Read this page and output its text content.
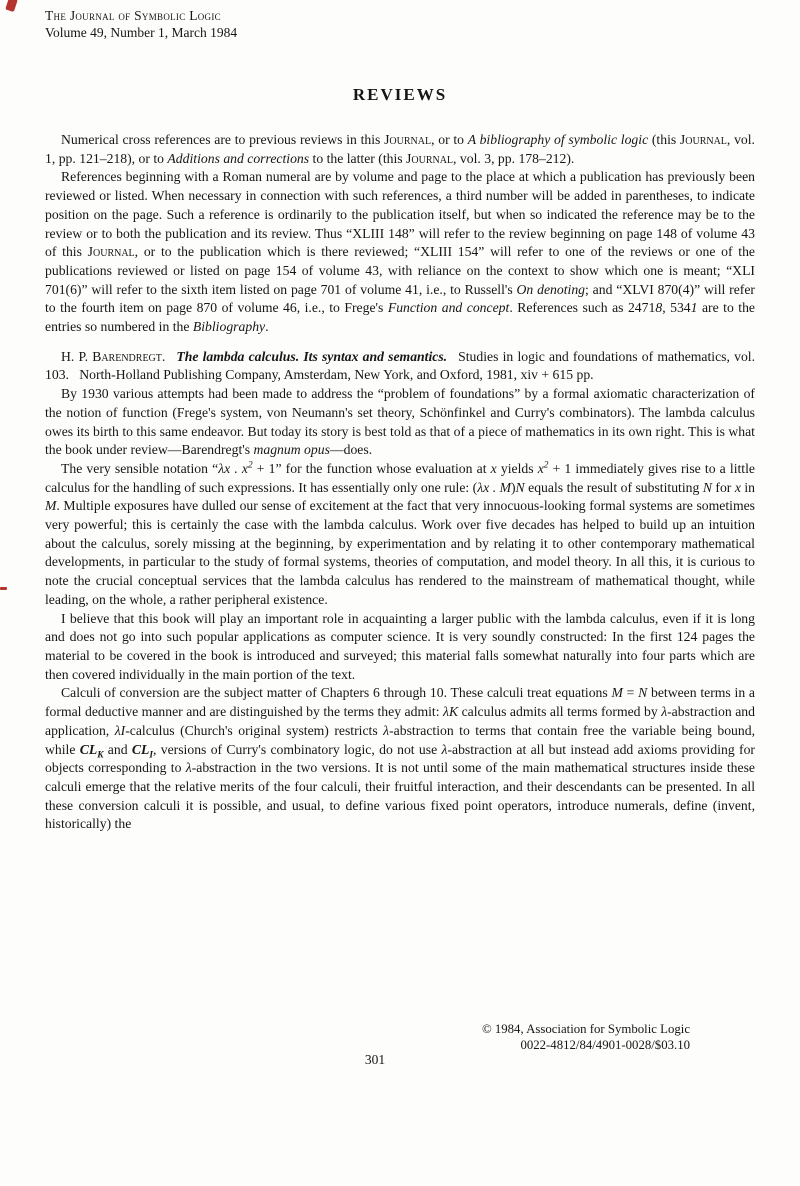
The Journal of Symbolic Logic
Volume 49, Number 1, March 1984
REVIEWS

Numerical cross references are to previous reviews in this Journal, or to A bibliography of symbolic logic (this Journal, vol. 1, pp. 121–218), or to Additions and corrections to the latter (this Journal, vol. 3, pp. 178–212).

References beginning with a Roman numeral are by volume and page to the place at which a publication has previously been reviewed or listed. When necessary in connection with such references, a third number will be added in parentheses, to indicate position on the page. Such a reference is ordinarily to the publication itself, but when so indicated the reference may be to the review or to both the publication and its review. Thus “XLIII 148” will refer to the review beginning on page 148 of volume 43 of this Journal, or to the publication which is there reviewed; “XLIII 154” will refer to one of the reviews or one of the publications reviewed or listed on page 154 of volume 43, with reliance on the context to show which one is meant; “XLI 701(6)” will refer to the sixth item listed on page 701 of volume 41, i.e., to Russell's On denoting; and “XLVI 870(4)” will refer to the fourth item on page 870 of volume 46, i.e., to Frege's Function and concept. References such as 24718, 5341 are to the entries so numbered in the Bibliography.

H. P. Barendregt.  The lambda calculus. Its syntax and semantics.  Studies in logic and foundations of mathematics, vol. 103.  North-Holland Publishing Company, Amsterdam, New York, and Oxford, 1981, xiv + 615 pp.

By 1930 various attempts had been made to address the “problem of foundations” by a formal axiomatic characterization of the notion of function (Frege's system, von Neumann's set theory, Schönfinkel and Curry's combinators). The lambda calculus owes its birth to this same endeavor. But today its story is best told as that of a piece of mathematics in its own right. This is what the book under review—Barendregt's magnum opus—does.

The very sensible notation “λx . $x^2 + 1$” for the function whose evaluation at x yields $x^2 + 1$ immediately gives rise to a little calculus for the handling of such expressions. It has essentially only one rule: (λx . M)N equals the result of substituting N for x in M. Multiple exposures have dulled our sense of excitement at the fact that very innocuous-looking formal systems are sometimes very powerful; this is certainly the case with the lambda calculus. Work over five decades has helped to build up an intuition about the calculus, sorely missing at the beginning, by experimentation and by relating it to other contemporary mathematical developments, in particular to the study of formal systems, theories of computation, and model theory. In all this, it is curious to note the crucial conceptual services that the lambda calculus has rendered to the mainstream of mathematical thought, while leading, on the whole, a rather peripheral existence.

I believe that this book will play an important role in acquainting a larger public with the lambda calculus, even if it is long and does not go into such popular applications as computer science. It is very soundly constructed: In the first 124 pages the material to be covered in the book is introduced and surveyed; this material falls somewhat naturally into four parts which are then covered individually in the main portion of the text.

Calculi of conversion are the subject matter of Chapters 6 through 10. These calculi treat equations M = N between terms in a formal deductive manner and are distinguished by the terms they admit: λK calculus admits all terms formed by λ-abstraction and application, λI-calculus (Church's original system) restricts λ-abstraction to terms that contain free the variable being bound, while $CL_K$ and $CL_I$, versions of Curry's combinatory logic, do not use λ-abstraction at all but instead add axioms providing for objects corresponding to λ-abstraction in the two versions. It is not until some of the main mathematical structures inside these calculi emerge that the relative merits of the four calculi, their fruitful interaction, and their descendants can be presented. In all these conversion calculi it is possible, and usual, to define various fixed point operators, introduce numerals, define (invent, historically) the

© 1984, Association for Symbolic Logic
0022-4812/84/4901-0028/$03.10
301
